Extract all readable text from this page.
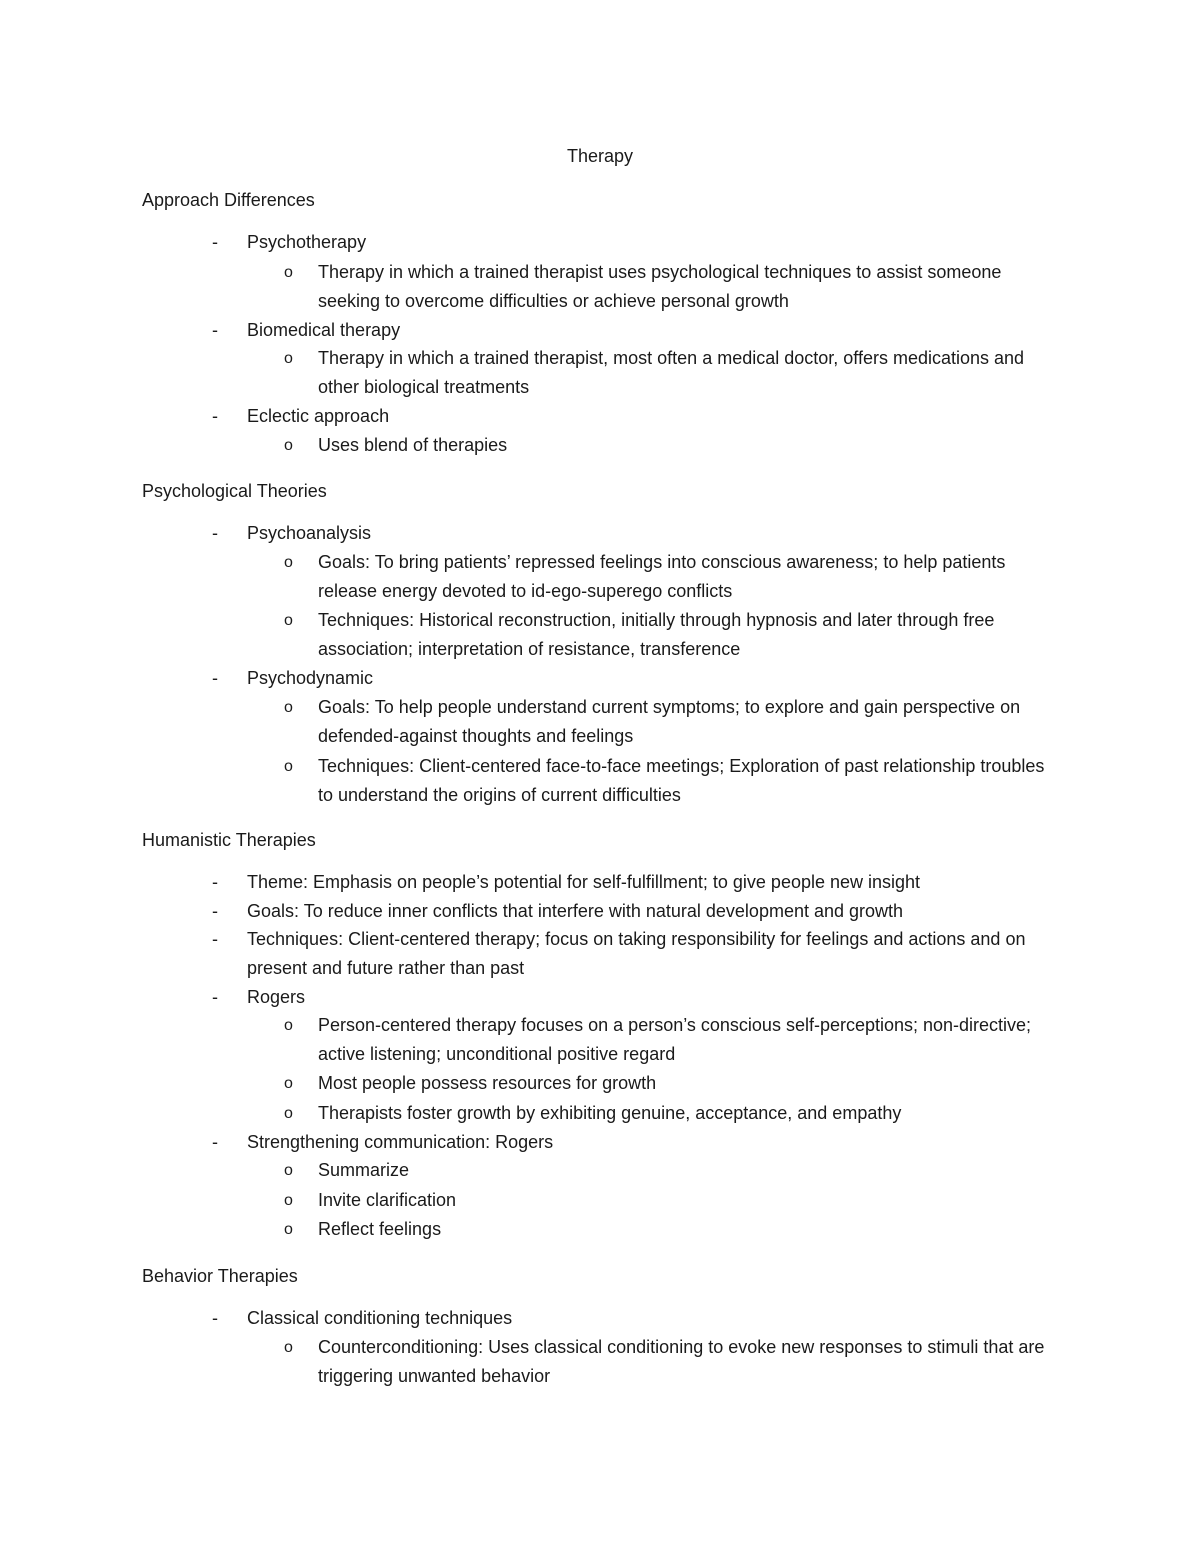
Therapy
Approach Differences
- Psychotherapy
o Therapy in which a trained therapist uses psychological techniques to assist someone seeking to overcome difficulties or achieve personal growth
- Biomedical therapy
o Therapy in which a trained therapist, most often a medical doctor, offers medications and other biological treatments
- Eclectic approach
o Uses blend of therapies
Psychological Theories
- Psychoanalysis
o Goals: To bring patients’ repressed feelings into conscious awareness; to help patients release energy devoted to id-ego-superego conflicts
o Techniques: Historical reconstruction, initially through hypnosis and later through free association; interpretation of resistance, transference
- Psychodynamic
o Goals: To help people understand current symptoms; to explore and gain perspective on defended-against thoughts and feelings
o Techniques: Client-centered face-to-face meetings; Exploration of past relationship troubles to understand the origins of current difficulties
Humanistic Therapies
- Theme: Emphasis on people’s potential for self-fulfillment; to give people new insight
- Goals: To reduce inner conflicts that interfere with natural development and growth
- Techniques: Client-centered therapy; focus on taking responsibility for feelings and actions and on present and future rather than past
- Rogers
o Person-centered therapy focuses on a person’s conscious self-perceptions; non-directive; active listening; unconditional positive regard
o Most people possess resources for growth
o Therapists foster growth by exhibiting genuine, acceptance, and empathy
- Strengthening communication: Rogers
o Summarize
o Invite clarification
o Reflect feelings
Behavior Therapies
- Classical conditioning techniques
o Counterconditioning: Uses classical conditioning to evoke new responses to stimuli that are triggering unwanted behavior
